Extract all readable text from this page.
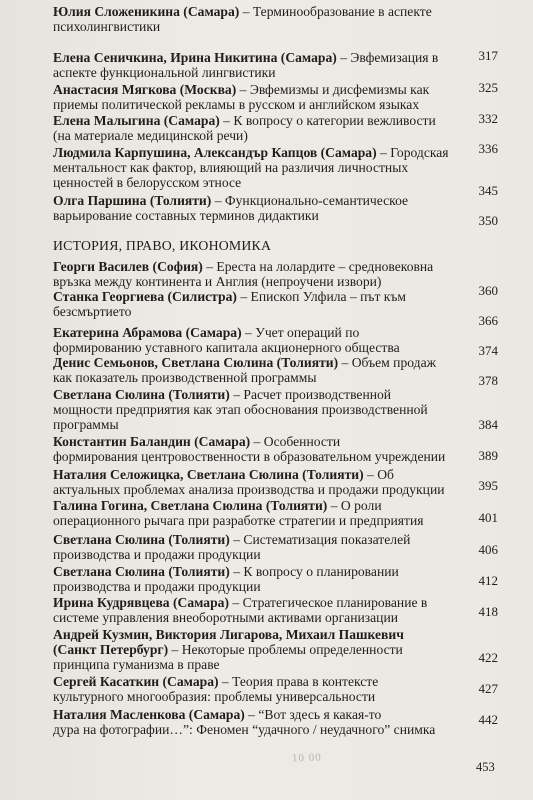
Юлия Сложеникина (Самара) – Терминообразование в аспекте
психолингвистики
317
Елена Сеничкина, Ирина Никитина (Самара) – Эвфемизация в
аспекте функциональной лингвистики
325
Анастасия Мягкова (Москва) – Эвфемизмы и дисфемизмы как
приемы политической рекламы в русском и английском языках
332
Елена Малыгина (Самара) – К вопросу о категории вежливости
(на материале медицинской речи)
336
Людмила Карпушина, Александър Капцов (Самара) – Городская
ментальност как фактор, влияющий на различия личностных
ценностей в белорусском этносе
345
Олга Паршина (Толияти) – Функционально-семантическое
варьирование составных терминов дидактики	350
Георги Василев (София) – Ереста на лолардите – средновековна
връзка между континента и Англия (непроучени извори)
360
Станка Георгиева (Силистра) – Епископ Улфила – път към
безсмъртието
366
Екатерина Абрамова (Самара) – Учет операций по
формированию уставного капитала акционерного общества	374
Денис Семьонов, Светлана Сюлина (Толияти) – Объем продаж
как показатель производственной программы	378
Светлана Сюлина (Толияти) – Расчет производственной
мощности предприятия как этап обоснования производственной
программы	384
Константин Баландин (Самара) – Особенности
формирования центровоственности в образовательном учреждении	389
Наталия Селожицка, Светлана Сюлина (Толияти) – Об
актуальных проблемах анализа производства и продажи продукции	395
Галина Гогина, Светлана Сюлина (Толияти) – О роли
операционного рычага при разработке стратегии и предприятия	401
Светлана Сюлина (Толияти) – Систематизация показателей
производства и продажи продукции	406
Светлана Сюлина (Толияти) – К вопросу о планировании
производства и продажи продукции	412
Ирина Кудрявцева (Самара) – Стратегическое планирование в
системе управления внеоборотными активами организации	418
Андрей Кузмин, Виктория Лигарова, Михаил Пашкевич
(Санкт Петербург) – Некоторые проблемы определенности
принципа гуманизма в праве	422
Сергей Касаткин (Самара) – Теория права в контексте
культурного многообразия: проблемы универсальности
427
Наталия Масленкова (Самара) – “Вот здесь я какая-то
дура на фотографии…”: Феномен “удачного / неудачного” снимка
442
ИСТОРИЯ, ПРАВО, ИКОНОМИКА
10 00
453
